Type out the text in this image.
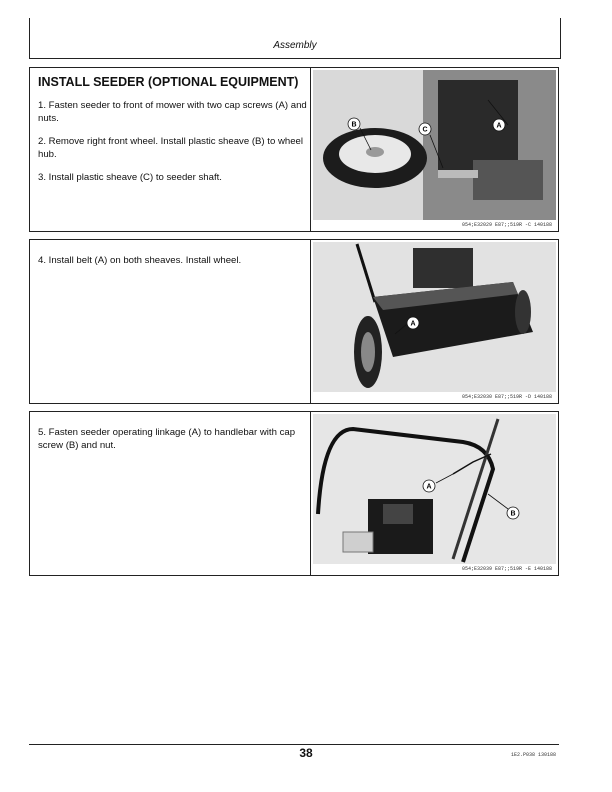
Assembly
INSTALL SEEDER (OPTIONAL EQUIPMENT)

1. Fasten seeder to front of mower with two cap screws (A) and nuts.

2. Remove right front wheel. Install plastic sheave (B) to wheel hub.

3. Install plastic sheave (C) to seeder shaft.

B
C
A
054;E32029 E87;;519R -C 140188

4. Install belt (A) on both sheaves. Install wheel.

A
054;E32030 E87;;519R -D 140188

5. Fasten seeder operating linkage (A) to handlebar with cap screw (B) and nut.

A
B
054;E32039 E87;;519R -E 140188
38	1E2.P038 130188
